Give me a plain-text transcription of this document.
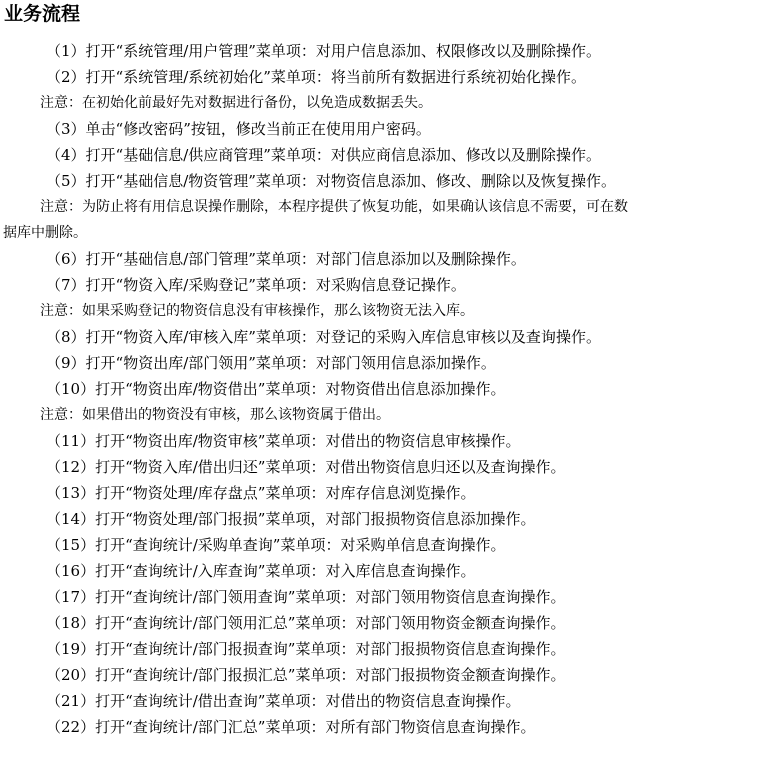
业务流程
（1）打开“系统管理/用户管理”菜单项：对用户信息添加、权限修改以及删除操作。
（2）打开“系统管理/系统初始化”菜单项：将当前所有数据进行系统初始化操作。
注意：在初始化前最好先对数据进行备份，以免造成数据丢失。
（3）单击“修改密码”按钮，修改当前正在使用用户密码。
（4）打开“基础信息/供应商管理”菜单项：对供应商信息添加、修改以及删除操作。
（5）打开“基础信息/物资管理”菜单项：对物资信息添加、修改、删除以及恢复操作。
注意：为防止将有用信息误操作删除，本程序提供了恢复功能，如果确认该信息不需要，可在数
据库中删除。
（6）打开“基础信息/部门管理”菜单项：对部门信息添加以及删除操作。
（7）打开“物资入库/采购登记”菜单项：对采购信息登记操作。
注意：如果采购登记的物资信息没有审核操作，那么该物资无法入库。
（8）打开“物资入库/审核入库”菜单项：对登记的采购入库信息审核以及查询操作。
（9）打开“物资出库/部门领用”菜单项：对部门领用信息添加操作。
（10）打开“物资出库/物资借出”菜单项：对物资借出信息添加操作。
注意：如果借出的物资没有审核，那么该物资属于借出。
（11）打开“物资出库/物资审核”菜单项：对借出的物资信息审核操作。
（12）打开“物资入库/借出归还”菜单项：对借出物资信息归还以及查询操作。
（13）打开“物资处理/库存盘点”菜单项：对库存信息浏览操作。
（14）打开“物资处理/部门报损”菜单项，对部门报损物资信息添加操作。
（15）打开“查询统计/采购单查询”菜单项：对采购单信息查询操作。
（16）打开“查询统计/入库查询”菜单项：对入库信息查询操作。
（17）打开“查询统计/部门领用查询”菜单项：对部门领用物资信息查询操作。
（18）打开“查询统计/部门领用汇总”菜单项：对部门领用物资金额查询操作。
（19）打开“查询统计/部门报损查询”菜单项：对部门报损物资信息查询操作。
（20）打开“查询统计/部门报损汇总”菜单项：对部门报损物资金额查询操作。
（21）打开“查询统计/借出查询”菜单项：对借出的物资信息查询操作。
（22）打开“查询统计/部门汇总”菜单项：对所有部门物资信息查询操作。
